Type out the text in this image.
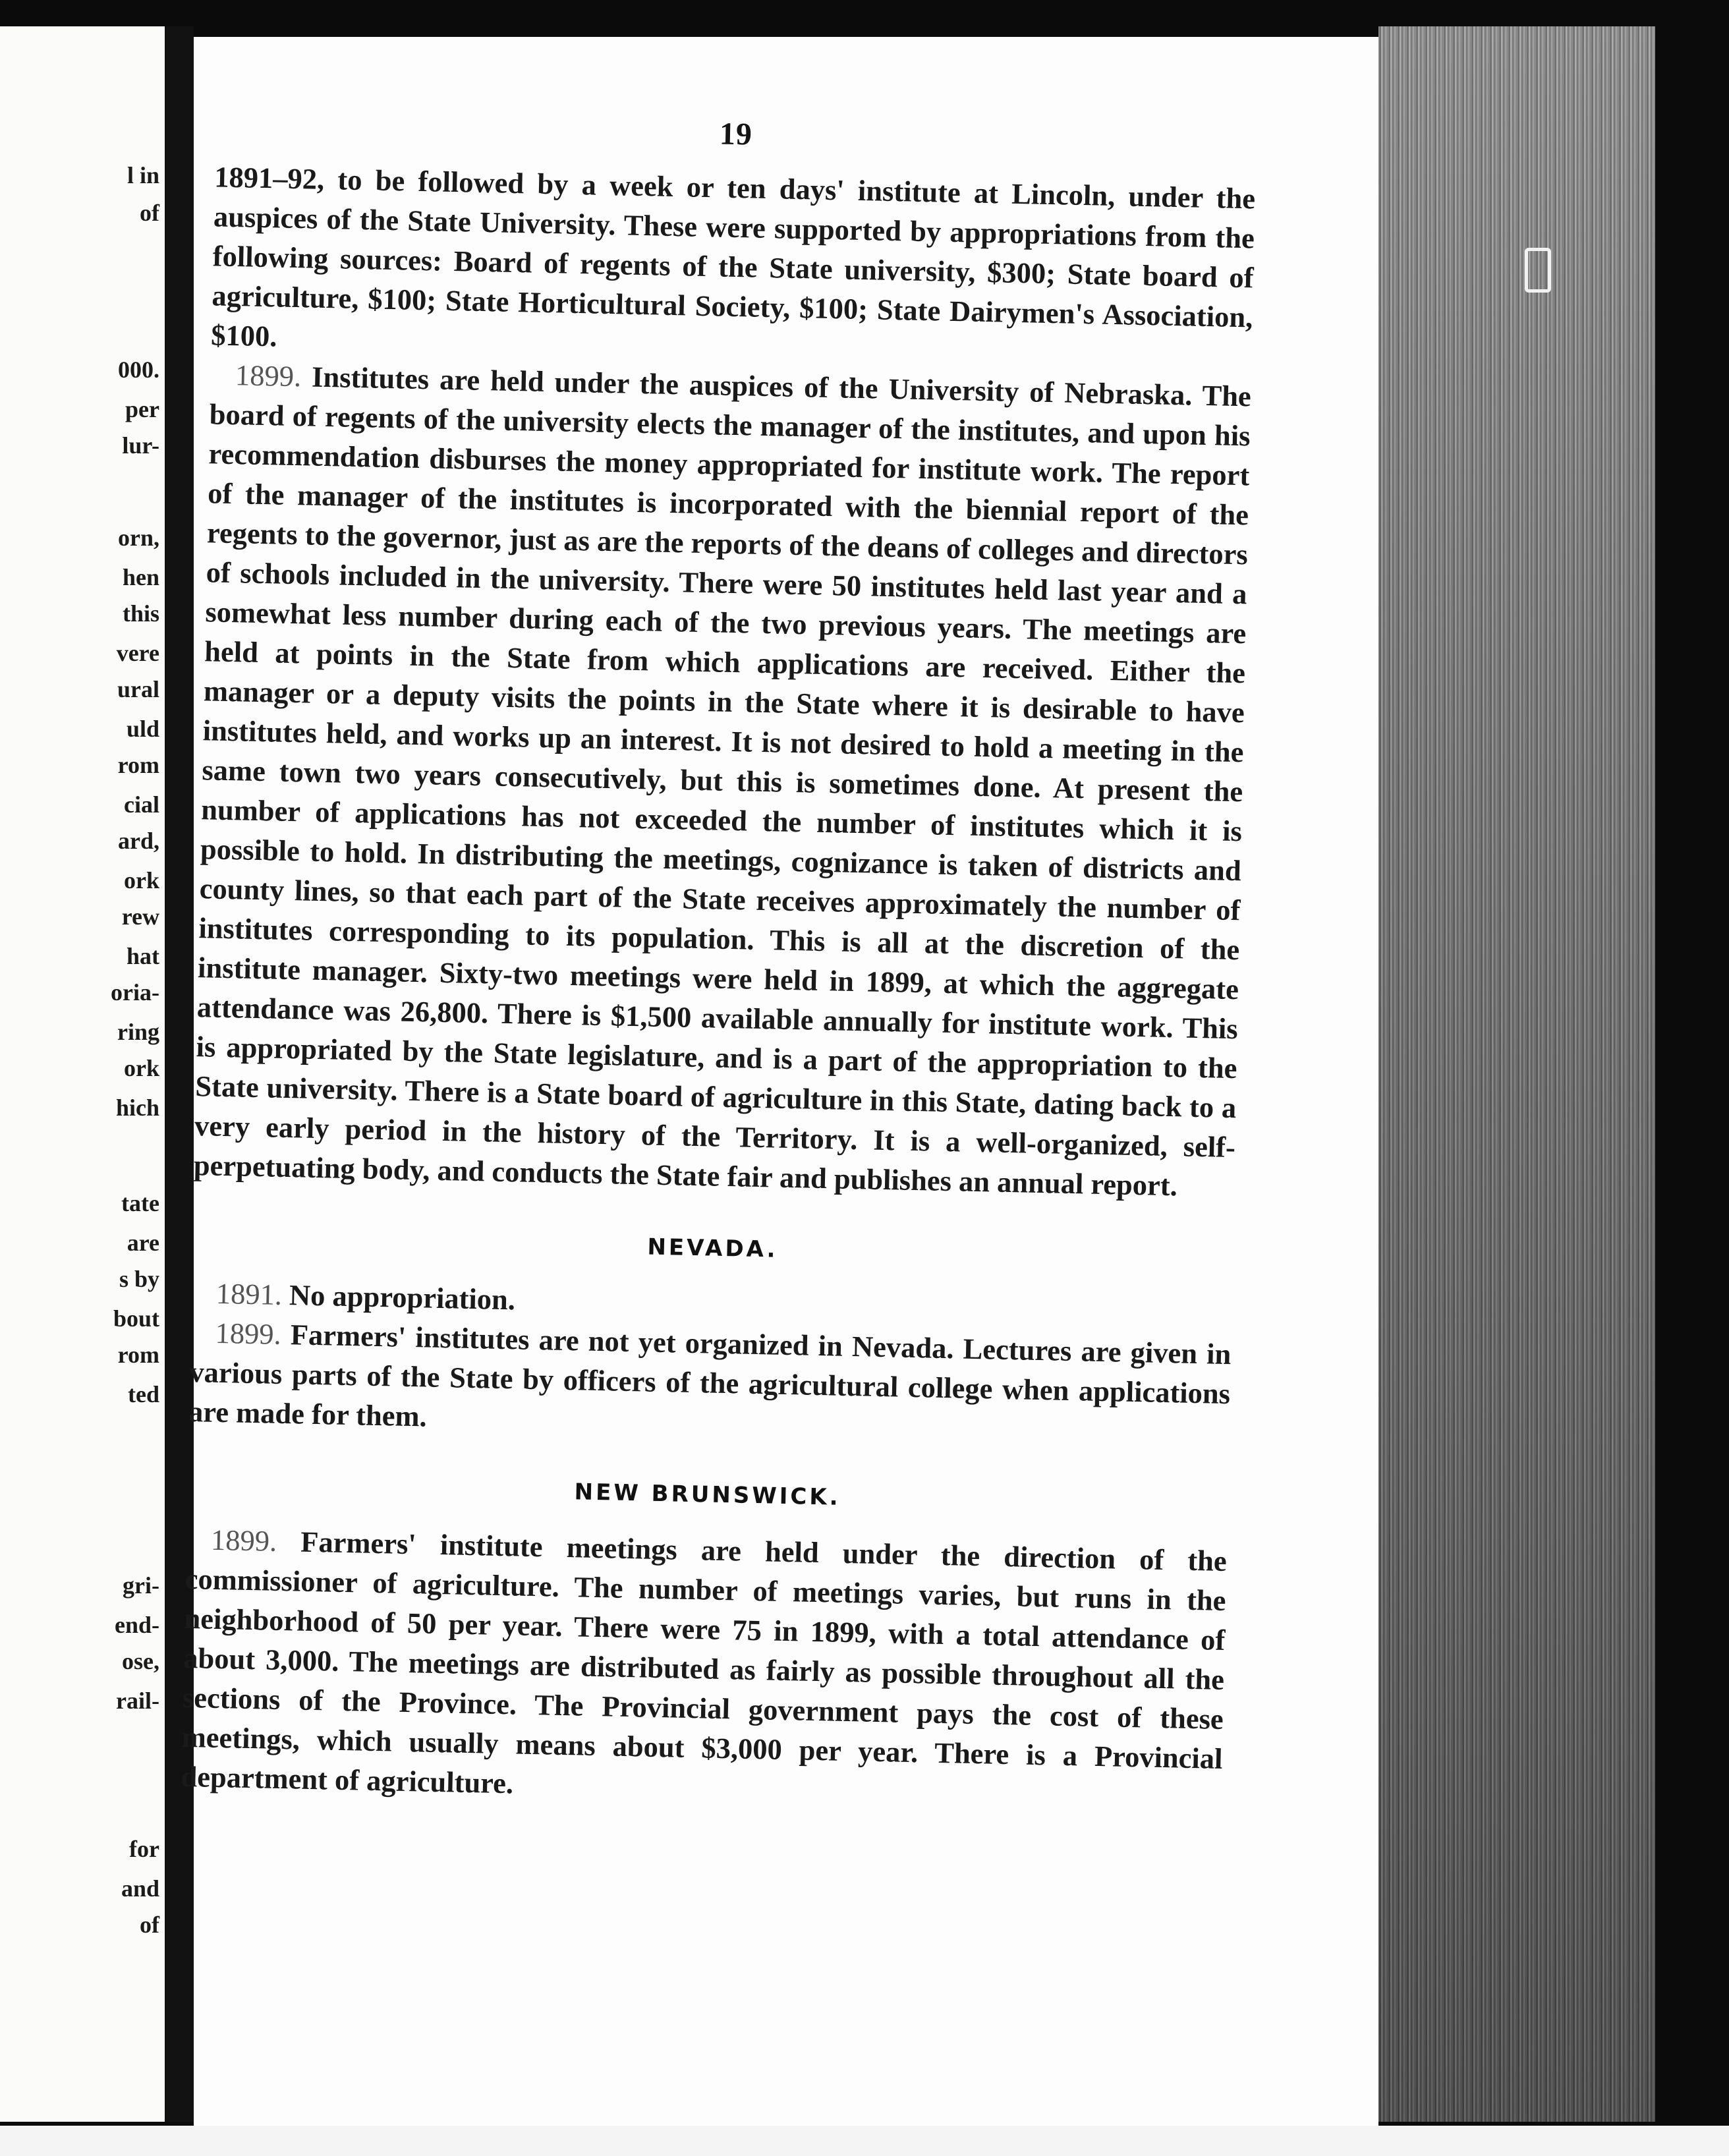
l in

of

000.

per

lur-

orn,

hen

this

vere

ural

uld

rom

cial

ard,

ork

rew

hat

oria-

ring

ork

hich

tate

are

s by

bout

rom

ted

gri-

end-

ose,

rail-

for

and

of

19

1891–92, to be followed by a week or ten days' institute at Lincoln, under the auspices of the State University. These were supported by appropriations from the following sources: Board of regents of the State university, $300; State board of agriculture, $100; State Horticultural Society, $100; State Dairymen's Association, $100.

1899. Institutes are held under the auspices of the University of Nebraska. The board of regents of the university elects the manager of the institutes, and upon his recommendation disburses the money appropriated for institute work. The report of the manager of the institutes is incorporated with the biennial report of the regents to the governor, just as are the reports of the deans of colleges and directors of schools included in the university. There were 50 institutes held last year and a somewhat less number during each of the two previous years. The meetings are held at points in the State from which applications are received. Either the manager or a deputy visits the points in the State where it is desirable to have institutes held, and works up an interest. It is not desired to hold a meeting in the same town two years consecutively, but this is sometimes done. At present the number of applications has not exceeded the number of institutes which it is possible to hold. In distributing the meetings, cognizance is taken of districts and county lines, so that each part of the State receives approximately the number of institutes corresponding to its population. This is all at the discretion of the institute manager. Sixty-two meetings were held in 1899, at which the aggregate attendance was 26,800. There is $1,500 available annually for institute work. This is appropriated by the State legislature, and is a part of the appropriation to the State university. There is a State board of agriculture in this State, dating back to a very early period in the history of the Territory. It is a well-organized, self-perpetuating body, and conducts the State fair and publishes an annual report.

NEVADA.

1891. No appropriation.

1899. Farmers' institutes are not yet organized in Nevada. Lectures are given in various parts of the State by officers of the agricultural college when applications are made for them.

NEW BRUNSWICK.

1899. Farmers' institute meetings are held under the direction of the commissioner of agriculture. The number of meetings varies, but runs in the neighborhood of 50 per year. There were 75 in 1899, with a total attendance of about 3,000. The meetings are distributed as fairly as possible throughout all the sections of the Province. The Provincial government pays the cost of these meetings, which usually means about $3,000 per year. There is a Provincial department of agriculture.
